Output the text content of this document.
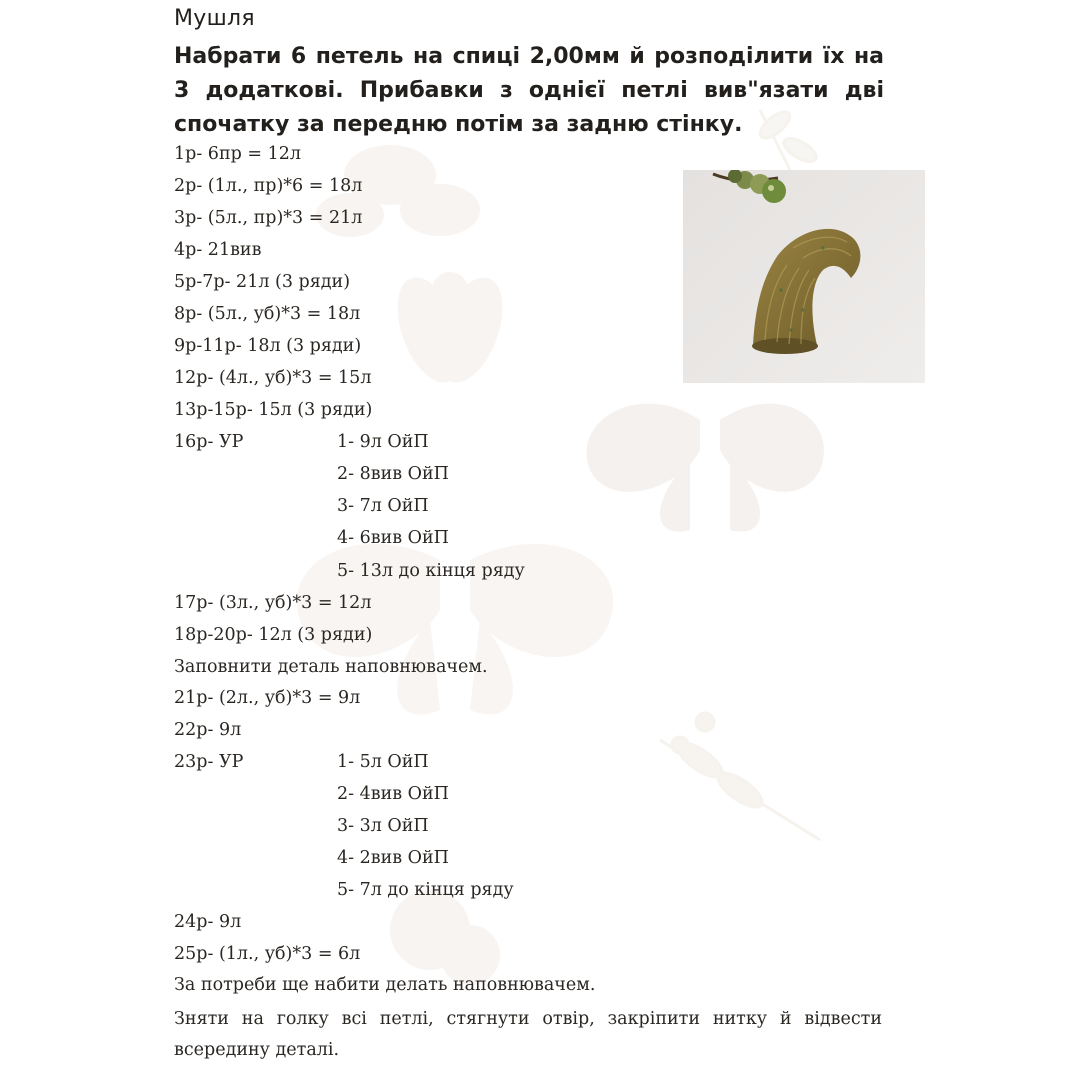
Мушля
Набрати 6 петель на спиці 2,00мм й розподілити їх на 3 додаткові. Прибавки з однієї петлі вив"язати дві спочатку за передню потім за задню стінку.
1р- 6пр = 12л
2р- (1л., пр)*6 = 18л
3р- (5л., пр)*3 = 21л
4р- 21вив
5р-7р- 21л (3 ряди)
8р- (5л., уб)*3 = 18л
9р-11р- 18л (3 ряди)
12р- (4л., уб)*3 = 15л
13р-15р- 15л (3 ряди)
16р- УР	1- 9л ОйП
2- 8вив ОйП
3- 7л ОйП
4- 6вив ОйП
5- 13л до кінця ряду
17р- (3л., уб)*3 = 12л
18р-20р- 12л (3 ряди)
Заповнити деталь наповнювачем.
21р- (2л., уб)*3 = 9л
22р- 9л
23р- УР	1- 5л ОйП
2- 4вив ОйП
3- 3л ОйП
4- 2вив ОйП
5- 7л до кінця ряду
24р- 9л
25р- (1л., уб)*3 = 6л
За потреби ще набити делать наповнювачем.
Зняти на голку всі петлі, стягнути отвір, закріпити нитку й відвести всередину деталі.
